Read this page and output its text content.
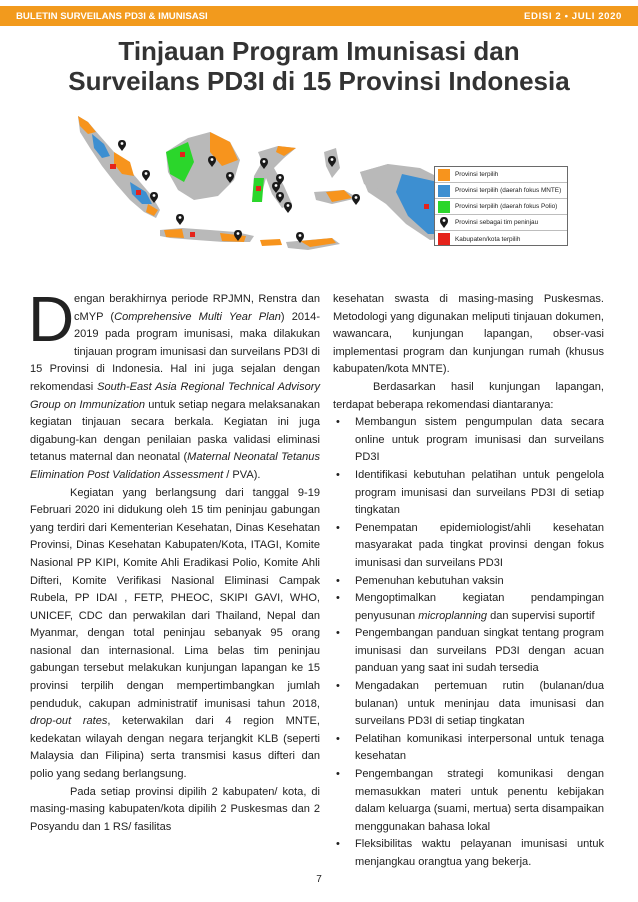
BULETIN SURVEILANS PD3I & IMUNISASI	EDISI 2 • JULI 2020
Tinjauan Program Imunisasi dan
Surveilans PD3I di 15 Provinsi Indonesia
Provinsi terpilih
Provinsi terpilih (daerah fokus MNTE)
Provinsi terpilih (daerah fokus Polio)
Provinsi sebagai tim peninjau
Kabupaten/kota terpilih

Dengan berakhirnya periode RPJMN, Renstra dan cMYP (Comprehensive Multi Year Plan) 2014-2019 pada program imunisasi, maka dilakukan tinjauan program imunisasi dan surveilans PD3I di 15 Provinsi di Indonesia. Hal ini juga sejalan dengan rekomendasi South-East Asia Regional Technical Advisory Group on Immunization untuk setiap negara melaksanakan kegiatan tinjauan secara berkala. Kegiatan ini juga digabung-kan dengan penilaian paska validasi eliminasi tetanus maternal dan neonatal (Maternal Neonatal Tetanus Elimination Post Validation Assessment / PVA).

Kegiatan yang berlangsung dari tanggal 9-19 Februari 2020 ini didukung oleh 15 tim peninjau gabungan yang terdiri dari Kementerian Kesehatan, Dinas Kesehatan Provinsi, Dinas Kesehatan Kabupaten/Kota, ITAGI, Komite Nasional PP KIPI, Komite Ahli Eradikasi Polio, Komite Ahli Difteri, Komite Verifikasi Nasional Eliminasi Campak Rubela, PP IDAI , FETP, PHEOC, SKIPI GAVI, WHO, UNICEF, CDC dan perwakilan dari Thailand, Nepal dan Myanmar, dengan total peninjau sebanyak 95 orang nasional dan internasional. Lima belas tim peninjau gabungan tersebut melakukan kunjungan lapangan ke 15 provinsi terpilih dengan mempertimbangkan jumlah penduduk, cakupan administratif imunisasi tahun 2018, drop-out rates, keterwakilan dari 4 region MNTE, kedekatan wilayah dengan negara terjangkit KLB (seperti Malaysia dan Filipina) serta transmisi kasus difteri dan polio yang sedang berlangsung.

Pada setiap provinsi dipilih 2 kabupaten/ kota, di masing-masing kabupaten/kota dipilih 2 Puskesmas dan 2 Posyandu dan 1 RS/ fasilitas

kesehatan swasta di masing-masing Puskesmas. Metodologi yang digunakan meliputi tinjauan dokumen, wawancara, kunjungan lapangan, obser-vasi implementasi program dan kunjungan rumah (khusus kabupaten/kota MNTE).

Berdasarkan hasil kunjungan lapangan, terdapat beberapa rekomendasi diantaranya:

• Membangun sistem pengumpulan data secara online untuk program imunisasi dan surveilans PD3I
• Identifikasi kebutuhan pelatihan untuk pengelola program imunisasi dan surveilans PD3I di setiap tingkatan
• Penempatan epidemiologist/ahli kesehatan masyarakat pada tingkat provinsi dengan fokus imunisasi dan surveilans PD3I
• Pemenuhan kebutuhan vaksin
• Mengoptimalkan kegiatan pendampingan penyusunan microplanning dan supervisi suportif
• Pengembangan panduan singkat tentang program imunisasi dan surveilans PD3I dengan acuan panduan yang saat ini sudah tersedia
• Mengadakan pertemuan rutin (bulanan/dua bulanan) untuk meninjau data imunisasi dan surveilans PD3I di setiap tingkatan
• Pelatihan komunikasi interpersonal untuk tenaga kesehatan
• Pengembangan strategi komunikasi dengan memasukkan materi untuk penentu kebijakan dalam keluarga (suami, mertua) serta disampaikan menggunakan bahasa lokal
• Fleksibilitas waktu pelayanan imunisasi untuk menjangkau orangtua yang bekerja.
7
